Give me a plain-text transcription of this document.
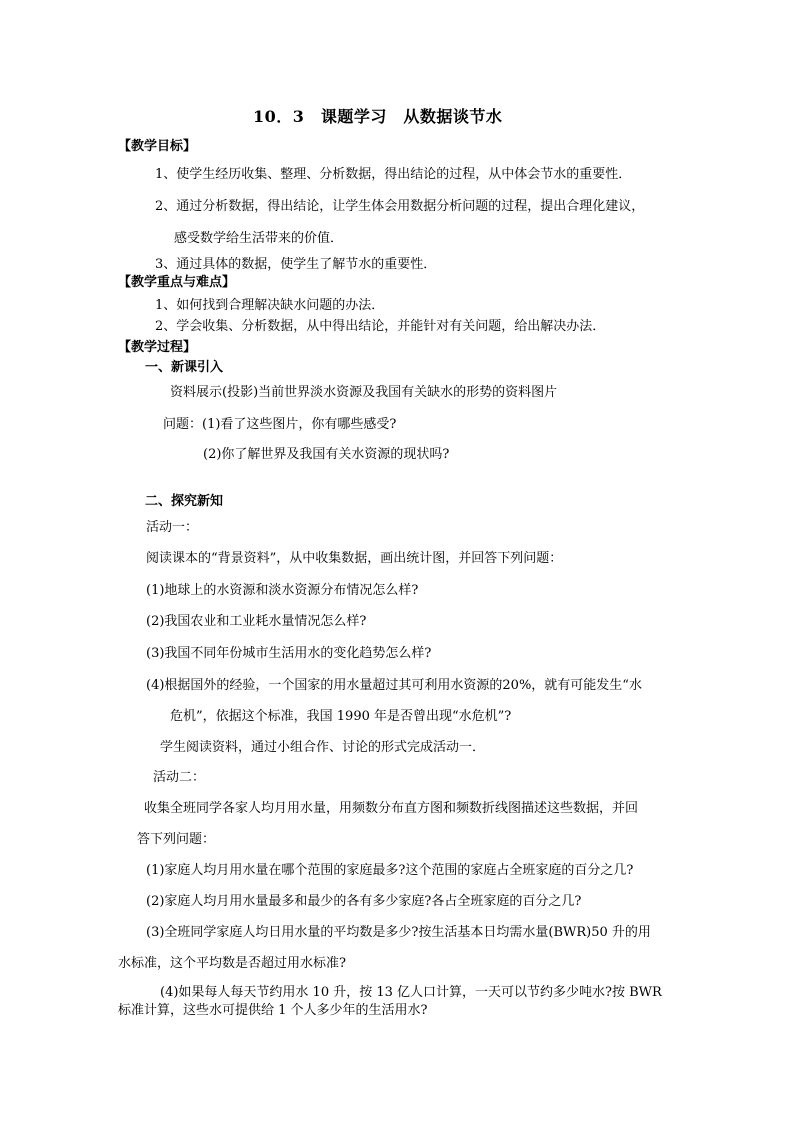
10．3　课题学习　从数据谈节水
【教学目标】
1、使学生经历收集、整理、分析数据，得出结论的过程，从中体会节水的重要性．
2、通过分析数据，得出结论，让学生体会用数据分析问题的过程，提出合理化建议，
感受数学给生活带来的价值．
3、通过具体的数据，使学生了解节水的重要性．
【教学重点与难点】
1、如何找到合理解决缺水问题的办法．
2、学会收集、分析数据，从中得出结论，并能针对有关问题，给出解决办法．
【教学过程】
一、新课引入
资料展示(投影)当前世界淡水资源及我国有关缺水的形势的资料图片
问题：(1)看了这些图片，你有哪些感受?
(2)你了解世界及我国有关水资源的现状吗?
二、探究新知
活动一：
阅读课本的“背景资料”，从中收集数据，画出统计图，并回答下列问题：
(1)地球上的水资源和淡水资源分布情况怎么样?
(2)我国农业和工业耗水量情况怎么样?
(3)我国不同年份城市生活用水的变化趋势怎么样?
(4)根据国外的经验，一个国家的用水量超过其可利用水资源的20%，就有可能发生“水
危机”，依据这个标准，我国 1990 年是否曾出现“水危机”?
学生阅读资料，通过小组合作、讨论的形式完成活动一．
活动二：
收集全班同学各家人均月用水量，用频数分布直方图和频数折线图描述这些数据，并回
答下列问题：
(1)家庭人均月用水量在哪个范围的家庭最多?这个范围的家庭占全班家庭的百分之几?
(2)家庭人均月用水量最多和最少的各有多少家庭?各占全班家庭的百分之几?
(3)全班同学家庭人均日用水量的平均数是多少?按生活基本日均需水量(BWR)50 升的用
水标准，这个平均数是否超过用水标准?
(4)如果每人每天节约用水 10 升，按 13 亿人口计算，一天可以节约多少吨水?按 BWR
标准计算，这些水可提供给 1 个人多少年的生活用水?
